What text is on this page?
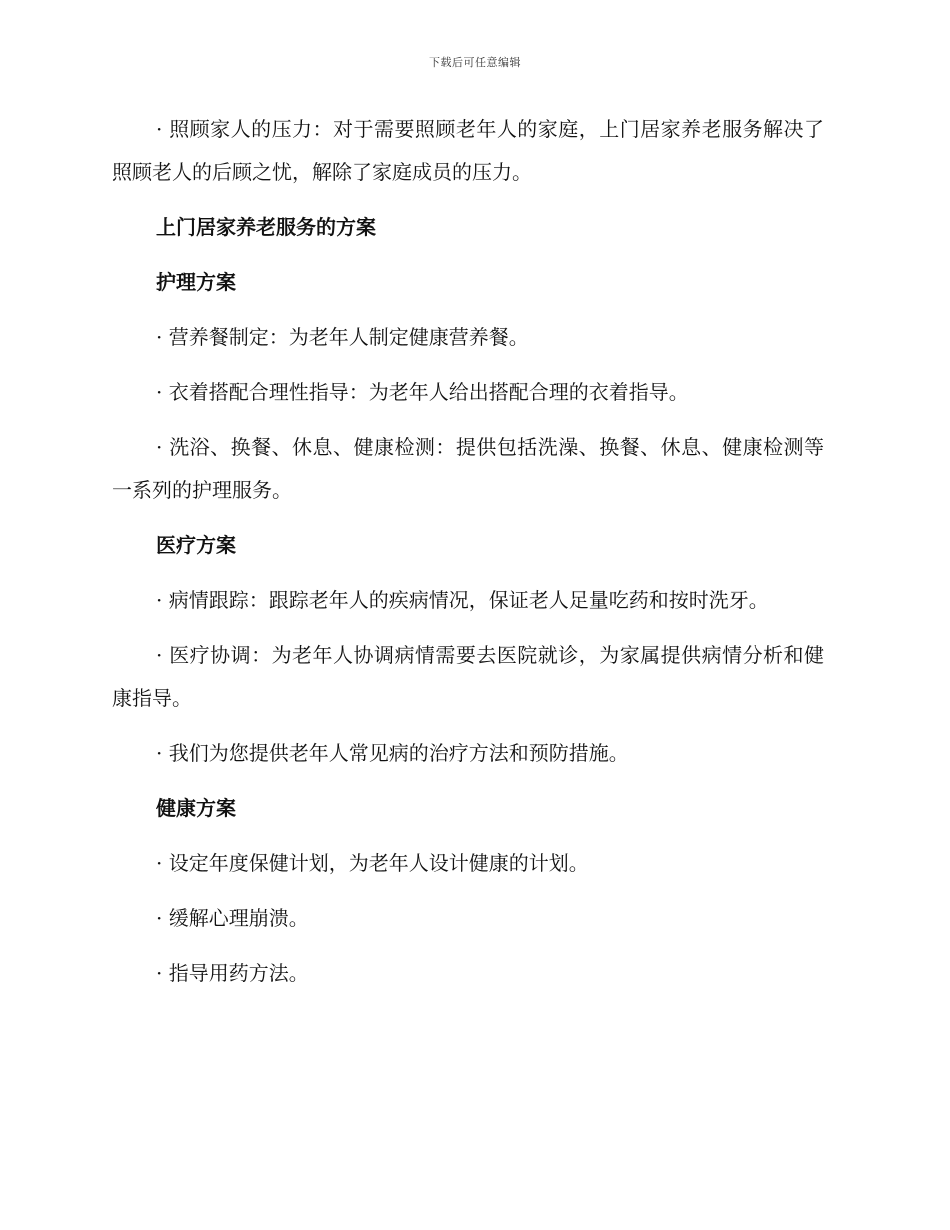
下载后可任意编辑

· 照顾家人的压力：对于需要照顾老年人的家庭，上门居家养老服务解决了照顾老人的后顾之忧，解除了家庭成员的压力。

上门居家养老服务的方案

护理方案

· 营养餐制定：为老年人制定健康营养餐。

· 衣着搭配合理性指导：为老年人给出搭配合理的衣着指导。

· 洗浴、换餐、休息、健康检测：提供包括洗澡、换餐、休息、健康检测等一系列的护理服务。

医疗方案

· 病情跟踪：跟踪老年人的疾病情况，保证老人足量吃药和按时洗牙。

· 医疗协调：为老年人协调病情需要去医院就诊，为家属提供病情分析和健康指导。

· 我们为您提供老年人常见病的治疗方法和预防措施。

健康方案

· 设定年度保健计划，为老年人设计健康的计划。

· 缓解心理崩溃。

· 指导用药方法。
